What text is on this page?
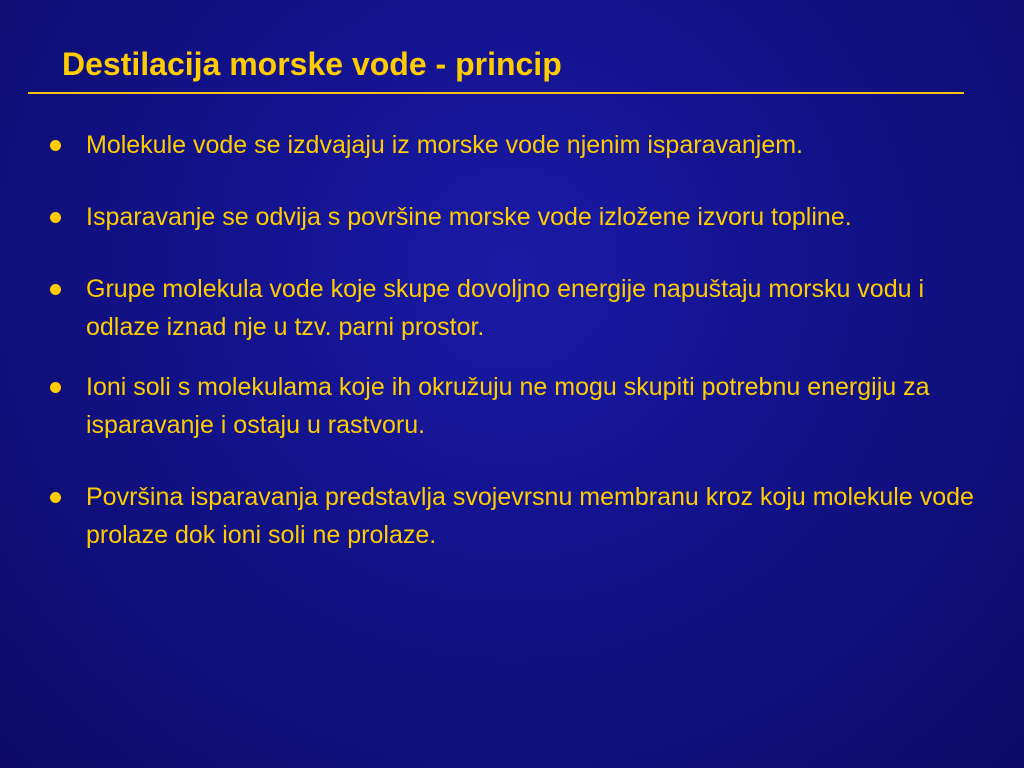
Destilacija morske vode - princip
Molekule vode se izdvajaju iz morske vode njenim isparavanjem.
Isparavanje se odvija s površine morske vode izložene izvoru topline.
Grupe molekula vode koje skupe dovoljno energije napuštaju morsku vodu i odlaze iznad nje u tzv. parni prostor.
Ioni soli s molekulama koje ih okružuju ne mogu skupiti potrebnu energiju za isparavanje i ostaju u rastvoru.
Površina isparavanja predstavlja svojevrsnu membranu kroz koju molekule vode prolaze dok ioni soli ne prolaze.
